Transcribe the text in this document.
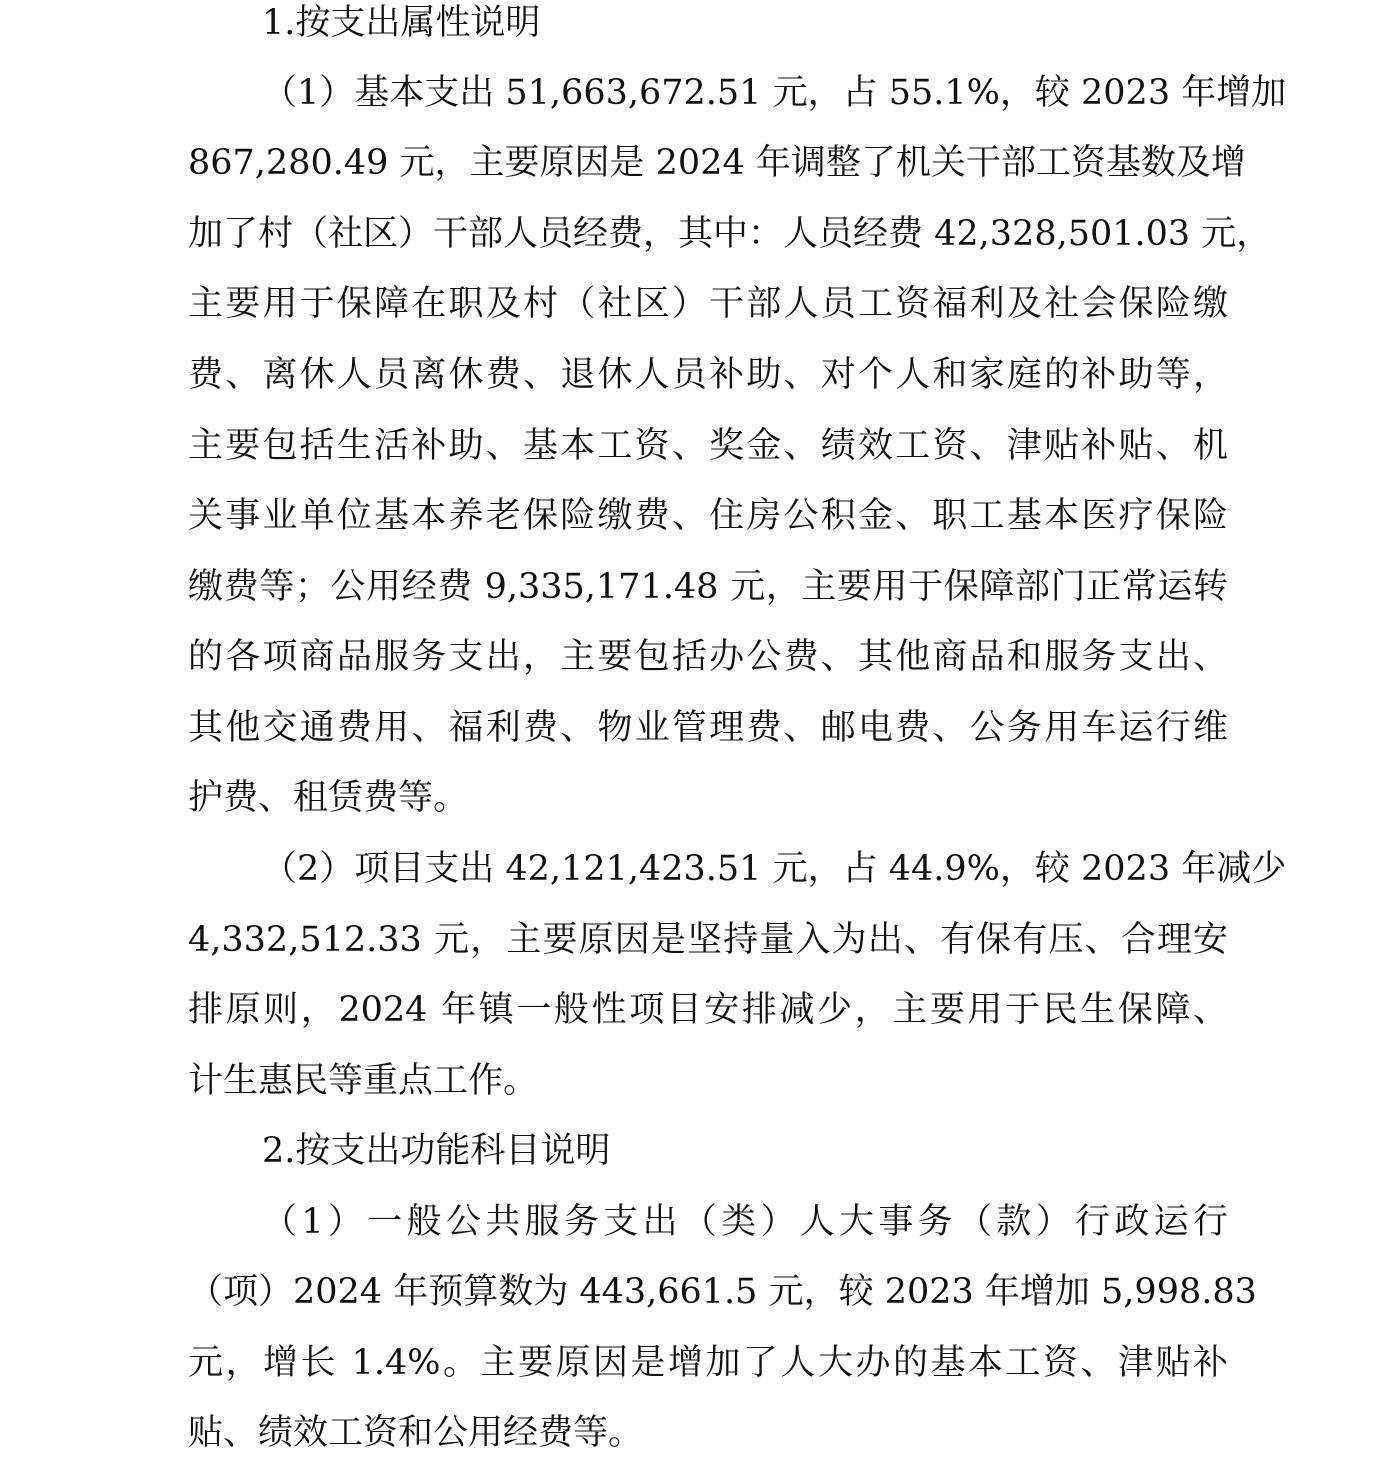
1.按支出属性说明
（1）基本支出 51,663,672.51 元，占 55.1%，较 2023 年增加
867,280.49 元，主要原因是 2024 年调整了机关干部工资基数及增
加了村（社区）干部人员经费，其中：人员经费 42,328,501.03 元，
主要用于保障在职及村（社区）干部人员工资福利及社会保险缴
费、离休人员离休费、退休人员补助、对个人和家庭的补助等，
主要包括生活补助、基本工资、奖金、绩效工资、津贴补贴、机
关事业单位基本养老保险缴费、住房公积金、职工基本医疗保险
缴费等；公用经费 9,335,171.48 元，主要用于保障部门正常运转
的各项商品服务支出，主要包括办公费、其他商品和服务支出、
其他交通费用、福利费、物业管理费、邮电费、公务用车运行维
护费、租赁费等。
（2）项目支出 42,121,423.51 元，占 44.9%，较 2023 年减少
4,332,512.33 元，主要原因是坚持量入为出、有保有压、合理安
排原则，2024 年镇一般性项目安排减少，主要用于民生保障、
计生惠民等重点工作。
2.按支出功能科目说明
（1）一般公共服务支出（类）人大事务（款）行政运行
（项）2024 年预算数为 443,661.5 元，较 2023 年增加 5,998.83
元，增长 1.4%。主要原因是增加了人大办的基本工资、津贴补
贴、绩效工资和公用经费等。
